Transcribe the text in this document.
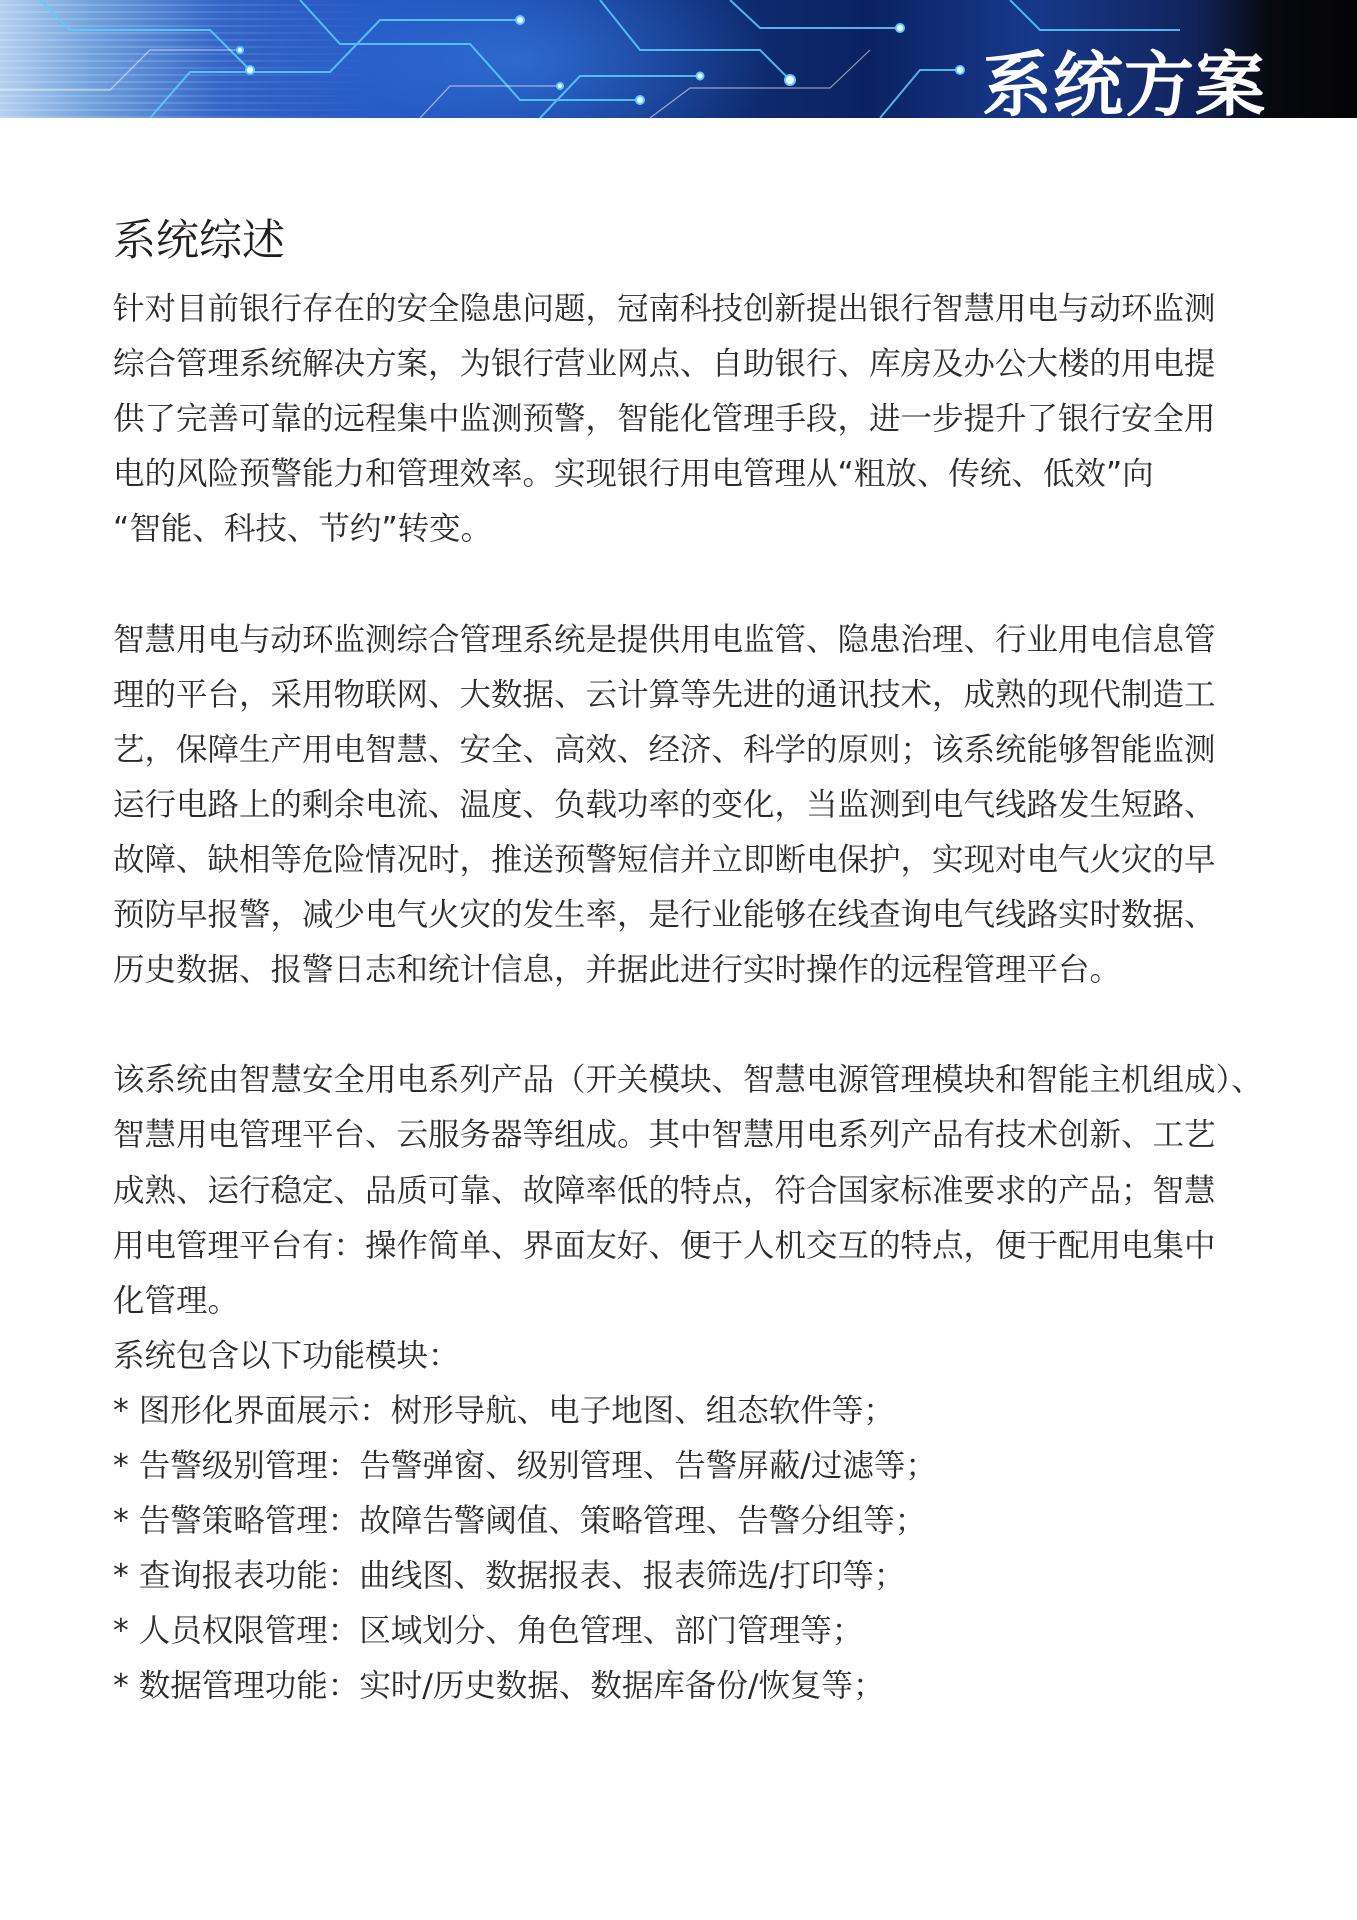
系统方案
系统综述
针对目前银行存在的安全隐患问题，冠南科技创新提出银行智慧用电与动环监测
综合管理系统解决方案，为银行营业网点、自助银行、库房及办公大楼的用电提
供了完善可靠的远程集中监测预警，智能化管理手段，进一步提升了银行安全用
电的风险预警能力和管理效率。实现银行用电管理从“粗放、传统、低效”向
“智能、科技、节约”转变。
智慧用电与动环监测综合管理系统是提供用电监管、隐患治理、行业用电信息管
理的平台，采用物联网、大数据、云计算等先进的通讯技术，成熟的现代制造工
艺，保障生产用电智慧、安全、高效、经济、科学的原则；该系统能够智能监测
运行电路上的剩余电流、温度、负载功率的变化，当监测到电气线路发生短路、
故障、缺相等危险情况时，推送预警短信并立即断电保护，实现对电气火灾的早
预防早报警，减少电气火灾的发生率，是行业能够在线查询电气线路实时数据、
历史数据、报警日志和统计信息，并据此进行实时操作的远程管理平台。
该系统由智慧安全用电系列产品（开关模块、智慧电源管理模块和智能主机组成）、
智慧用电管理平台、云服务器等组成。其中智慧用电系列产品有技术创新、工艺
成熟、运行稳定、品质可靠、故障率低的特点，符合国家标准要求的产品；智慧
用电管理平台有：操作简单、界面友好、便于人机交互的特点，便于配用电集中
化管理。
系统包含以下功能模块：
* 图形化界面展示：树形导航、电子地图、组态软件等；
* 告警级别管理：告警弹窗、级别管理、告警屏蔽/过滤等；
* 告警策略管理：故障告警阈值、策略管理、告警分组等；
* 查询报表功能：曲线图、数据报表、报表筛选/打印等；
* 人员权限管理：区域划分、角色管理、部门管理等；
* 数据管理功能：实时/历史数据、数据库备份/恢复等；
